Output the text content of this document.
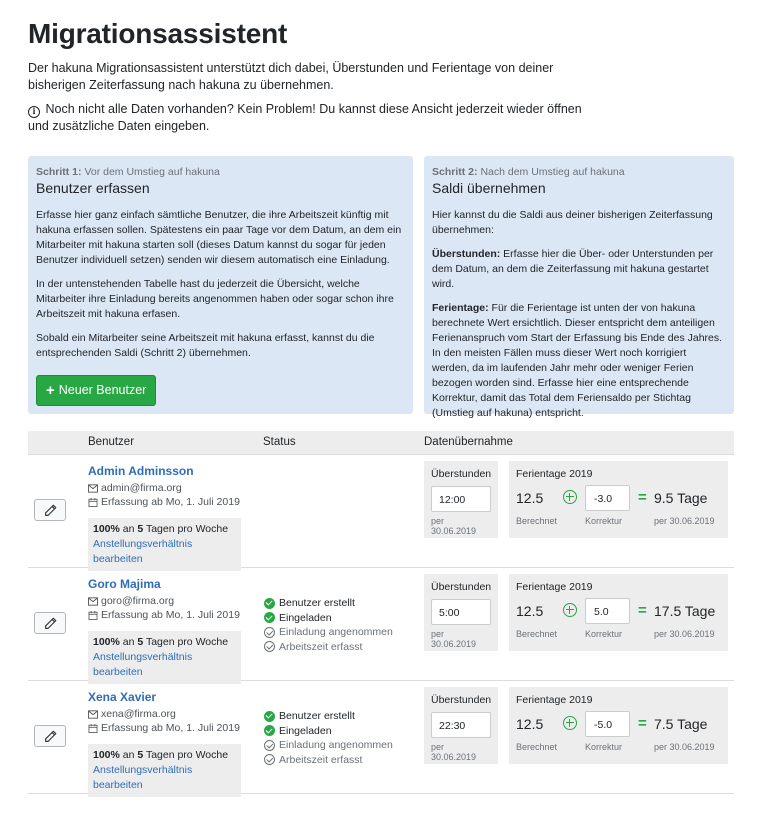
Migrationsassistent
Der hakuna Migrationsassistent unterstützt dich dabei, Überstunden und Ferientage von deiner bisherigen Zeiterfassung nach hakuna zu übernehmen.
i Noch nicht alle Daten vorhanden? Kein Problem! Du kannst diese Ansicht jederzeit wieder öffnen und zusätzliche Daten eingeben.
Schritt 1: Vor dem Umstieg auf hakuna
Benutzer erfassen

Erfasse hier ganz einfach sämtliche Benutzer, die ihre Arbeitszeit künftig mit hakuna erfassen sollen. Spätestens ein paar Tage vor dem Datum, an dem ein Mitarbeiter mit hakuna starten soll (dieses Datum kannst du sogar für jeden Benutzer individuell setzen) senden wir diesem automatisch eine Einladung.

In der untenstehenden Tabelle hast du jederzeit die Übersicht, welche Mitarbeiter ihre Einladung bereits angenommen haben oder sogar schon ihre Arbeitszeit mit hakuna erfasen.

Sobald ein Mitarbeiter seine Arbeitszeit mit hakuna erfasst, kannst du die entsprechenden Saldi (Schritt 2) übernehmen.

+ Neuer Benutzer
Schritt 2: Nach dem Umstieg auf hakuna
Saldi übernehmen

Hier kannst du die Saldi aus deiner bisherigen Zeiterfassung übernehmen:

Überstunden: Erfasse hier die Über- oder Unterstunden per dem Datum, an dem die Zeiterfassung mit hakuna gestartet wird.

Ferientage: Für die Ferientage ist unten der von hakuna berechnete Wert ersichtlich. Dieser entspricht dem anteiligen Ferienanspruch vom Start der Erfassung bis Ende des Jahres. In den meisten Fällen muss dieser Wert noch korrigiert werden, da im laufenden Jahr mehr oder weniger Ferien bezogen worden sind. Erfasse hier eine entsprechende Korrektur, damit das Total dem Feriensaldo per Stichtag (Umstieg auf hakuna) entspricht.

Benutzer	Status	Datenübernahme
Admin Adminsson
admin@firma.org
Erfassung ab Mo, 1. Juli 2019
100% an 5 Tagen pro Woche
Anstellungsverhältnis bearbeiten
Überstunden
12:00
per 30.06.2019
Ferientage 2019
12.5
Berechnet
-3.0
Korrektur
= 9.5 Tage
per 30.06.2019
Goro Majima
goro@firma.org
Erfassung ab Mo, 1. Juli 2019
100% an 5 Tagen pro Woche
Anstellungsverhältnis bearbeiten
Benutzer erstellt
Eingeladen
Einladung angenommen
Arbeitszeit erfasst
Überstunden
5:00
per 30.06.2019
Ferientage 2019
12.5
Berechnet
5.0
Korrektur
= 17.5 Tage
per 30.06.2019
Xena Xavier
xena@firma.org
Erfassung ab Mo, 1. Juli 2019
100% an 5 Tagen pro Woche
Anstellungsverhältnis bearbeiten
Benutzer erstellt
Eingeladen
Einladung angenommen
Arbeitszeit erfasst
Überstunden
22:30
per 30.06.2019
Ferientage 2019
12.5
Berechnet
-5.0
Korrektur
= 7.5 Tage
per 30.06.2019
